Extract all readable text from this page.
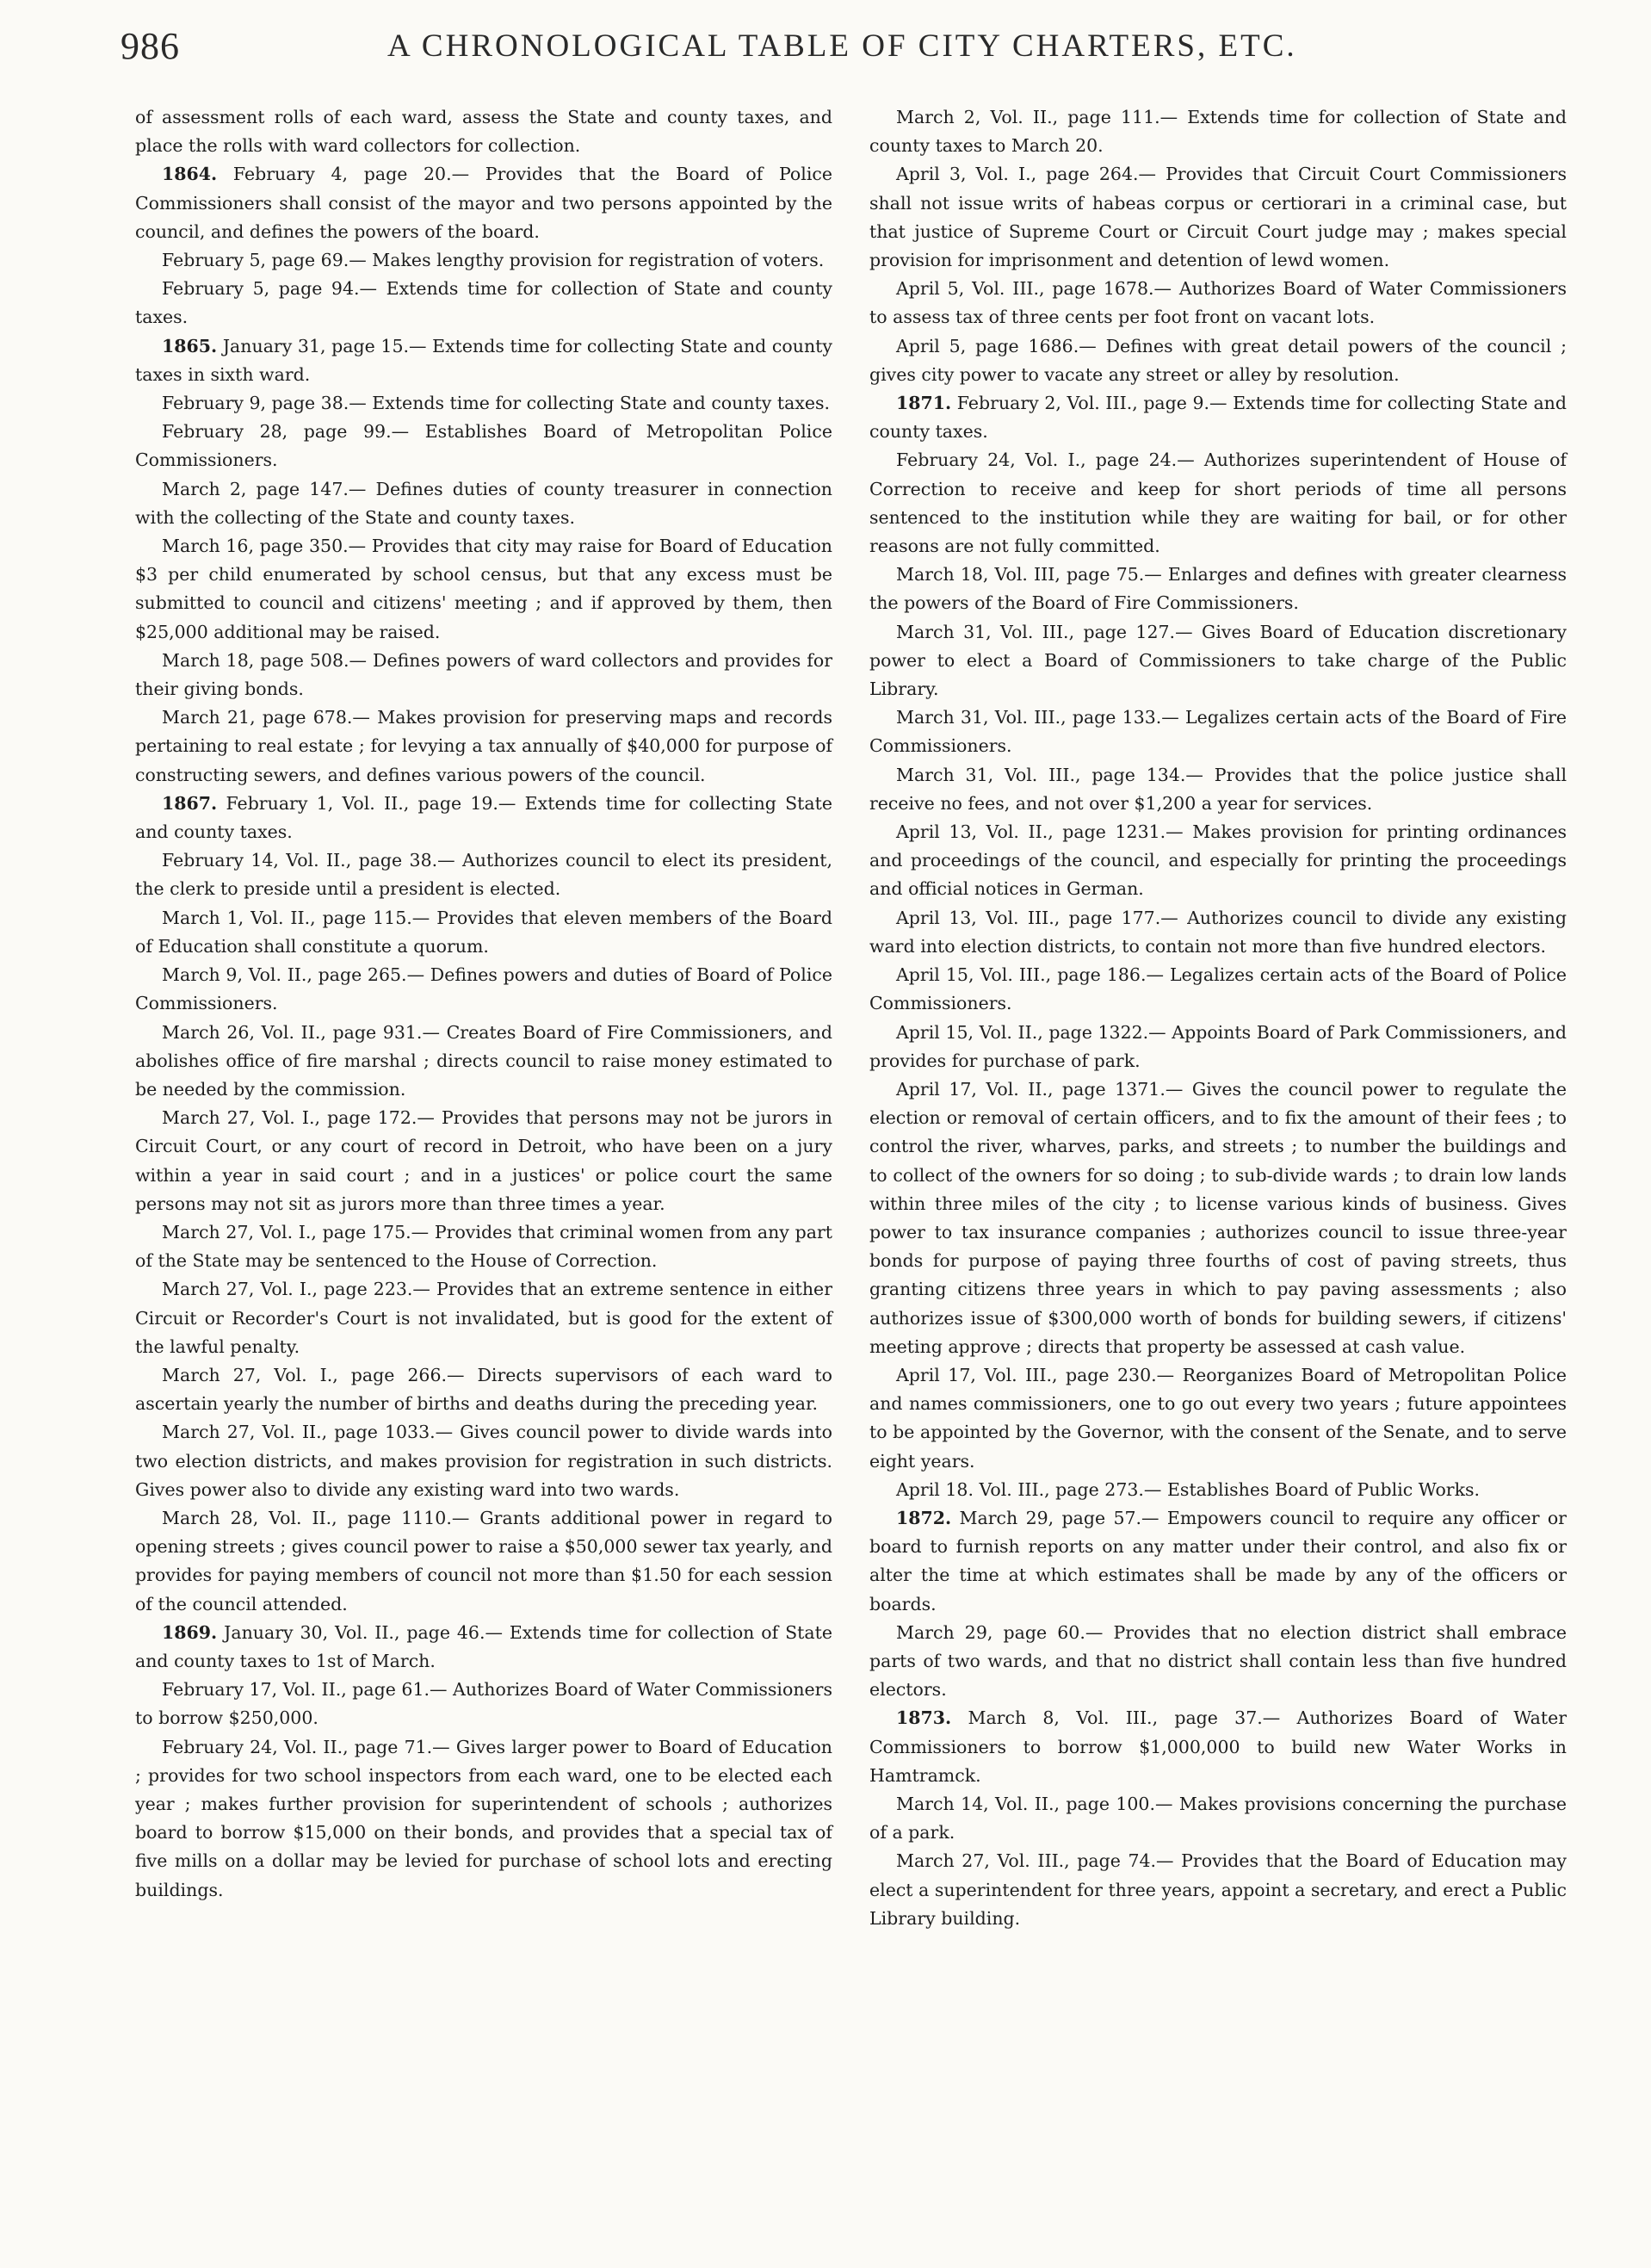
986	A CHRONOLOGICAL TABLE OF CITY CHARTERS, ETC.

of assessment rolls of each ward, assess the State and county taxes, and place the rolls with ward collectors for collection.

1864. February 4, page 20.— Provides that the Board of Police Commissioners shall consist of the mayor and two persons appointed by the council, and defines the powers of the board.

February 5, page 69.— Makes lengthy provision for registration of voters.

February 5, page 94.— Extends time for collection of State and county taxes.

1865. January 31, page 15.— Extends time for collecting State and county taxes in sixth ward.

February 9, page 38.— Extends time for collecting State and county taxes.

February 28, page 99.— Establishes Board of Metropolitan Police Commissioners.

March 2, page 147.— Defines duties of county treasurer in connection with the collecting of the State and county taxes.

March 16, page 350.— Provides that city may raise for Board of Education $3 per child enumerated by school census, but that any excess must be submitted to council and citizens' meeting ; and if approved by them, then $25,000 additional may be raised.

March 18, page 508.— Defines powers of ward collectors and provides for their giving bonds.

March 21, page 678.— Makes provision for preserving maps and records pertaining to real estate ; for levying a tax annually of $40,000 for purpose of constructing sewers, and defines various powers of the council.

1867. February 1, Vol. II., page 19.— Extends time for collecting State and county taxes.

February 14, Vol. II., page 38.— Authorizes council to elect its president, the clerk to preside until a president is elected.

March 1, Vol. II., page 115.— Provides that eleven members of the Board of Education shall constitute a quorum.

March 9, Vol. II., page 265.— Defines powers and duties of Board of Police Commissioners.

March 26, Vol. II., page 931.— Creates Board of Fire Commissioners, and abolishes office of fire marshal ; directs council to raise money estimated to be needed by the commission.

March 27, Vol. I., page 172.— Provides that persons may not be jurors in Circuit Court, or any court of record in Detroit, who have been on a jury within a year in said court ; and in a justices' or police court the same persons may not sit as jurors more than three times a year.

March 27, Vol. I., page 175.— Provides that criminal women from any part of the State may be sentenced to the House of Correction.

March 27, Vol. I., page 223.— Provides that an extreme sentence in either Circuit or Recorder's Court is not invalidated, but is good for the extent of the lawful penalty.

March 27, Vol. I., page 266.— Directs supervisors of each ward to ascertain yearly the number of births and deaths during the preceding year.

March 27, Vol. II., page 1033.— Gives council power to divide wards into two election districts, and makes provision for registration in such districts. Gives power also to divide any existing ward into two wards.

March 28, Vol. II., page 1110.— Grants additional power in regard to opening streets ; gives council power to raise a $50,000 sewer tax yearly, and provides for paying members of council not more than $1.50 for each session of the council attended.

1869. January 30, Vol. II., page 46.— Extends time for collection of State and county taxes to 1st of March.

February 17, Vol. II., page 61.— Authorizes Board of Water Commissioners to borrow $250,000.

February 24, Vol. II., page 71.— Gives larger power to Board of Education ; provides for two school inspectors from each ward, one to be elected each year ; makes further provision for superintendent of schools ; authorizes board to borrow $15,000 on their bonds, and provides that a special tax of five mills on a dollar may be levied for purchase of school lots and erecting buildings.

March 2, Vol. II., page 111.— Extends time for collection of State and county taxes to March 20.

April 3, Vol. I., page 264.— Provides that Circuit Court Commissioners shall not issue writs of habeas corpus or certiorari in a criminal case, but that justice of Supreme Court or Circuit Court judge may ; makes special provision for imprisonment and detention of lewd women.

April 5, Vol. III., page 1678.— Authorizes Board of Water Commissioners to assess tax of three cents per foot front on vacant lots.

April 5, page 1686.— Defines with great detail powers of the council ; gives city power to vacate any street or alley by resolution.

1871. February 2, Vol. III., page 9.— Extends time for collecting State and county taxes.

February 24, Vol. I., page 24.— Authorizes superintendent of House of Correction to receive and keep for short periods of time all persons sentenced to the institution while they are waiting for bail, or for other reasons are not fully committed.

March 18, Vol. III, page 75.— Enlarges and defines with greater clearness the powers of the Board of Fire Commissioners.

March 31, Vol. III., page 127.— Gives Board of Education discretionary power to elect a Board of Commissioners to take charge of the Public Library.

March 31, Vol. III., page 133.— Legalizes certain acts of the Board of Fire Commissioners.

March 31, Vol. III., page 134.— Provides that the police justice shall receive no fees, and not over $1,200 a year for services.

April 13, Vol. II., page 1231.— Makes provision for printing ordinances and proceedings of the council, and especially for printing the proceedings and official notices in German.

April 13, Vol. III., page 177.— Authorizes council to divide any existing ward into election districts, to contain not more than five hundred electors.

April 15, Vol. III., page 186.— Legalizes certain acts of the Board of Police Commissioners.

April 15, Vol. II., page 1322.— Appoints Board of Park Commissioners, and provides for purchase of park.

April 17, Vol. II., page 1371.— Gives the council power to regulate the election or removal of certain officers, and to fix the amount of their fees ; to control the river, wharves, parks, and streets ; to number the buildings and to collect of the owners for so doing ; to sub-divide wards ; to drain low lands within three miles of the city ; to license various kinds of business. Gives power to tax insurance companies ; authorizes council to issue three-year bonds for purpose of paying three fourths of cost of paving streets, thus granting citizens three years in which to pay paving assessments ; also authorizes issue of $300,000 worth of bonds for building sewers, if citizens' meeting approve ; directs that property be assessed at cash value.

April 17, Vol. III., page 230.— Reorganizes Board of Metropolitan Police and names commissioners, one to go out every two years ; future appointees to be appointed by the Governor, with the consent of the Senate, and to serve eight years.

April 18. Vol. III., page 273.— Establishes Board of Public Works.

1872. March 29, page 57.— Empowers council to require any officer or board to furnish reports on any matter under their control, and also fix or alter the time at which estimates shall be made by any of the officers or boards.

March 29, page 60.— Provides that no election district shall embrace parts of two wards, and that no district shall contain less than five hundred electors.

1873. March 8, Vol. III., page 37.— Authorizes Board of Water Commissioners to borrow $1,000,000 to build new Water Works in Hamtramck.

March 14, Vol. II., page 100.— Makes provisions concerning the purchase of a park.

March 27, Vol. III., page 74.— Provides that the Board of Education may elect a superintendent for three years, appoint a secretary, and erect a Public Library building.
